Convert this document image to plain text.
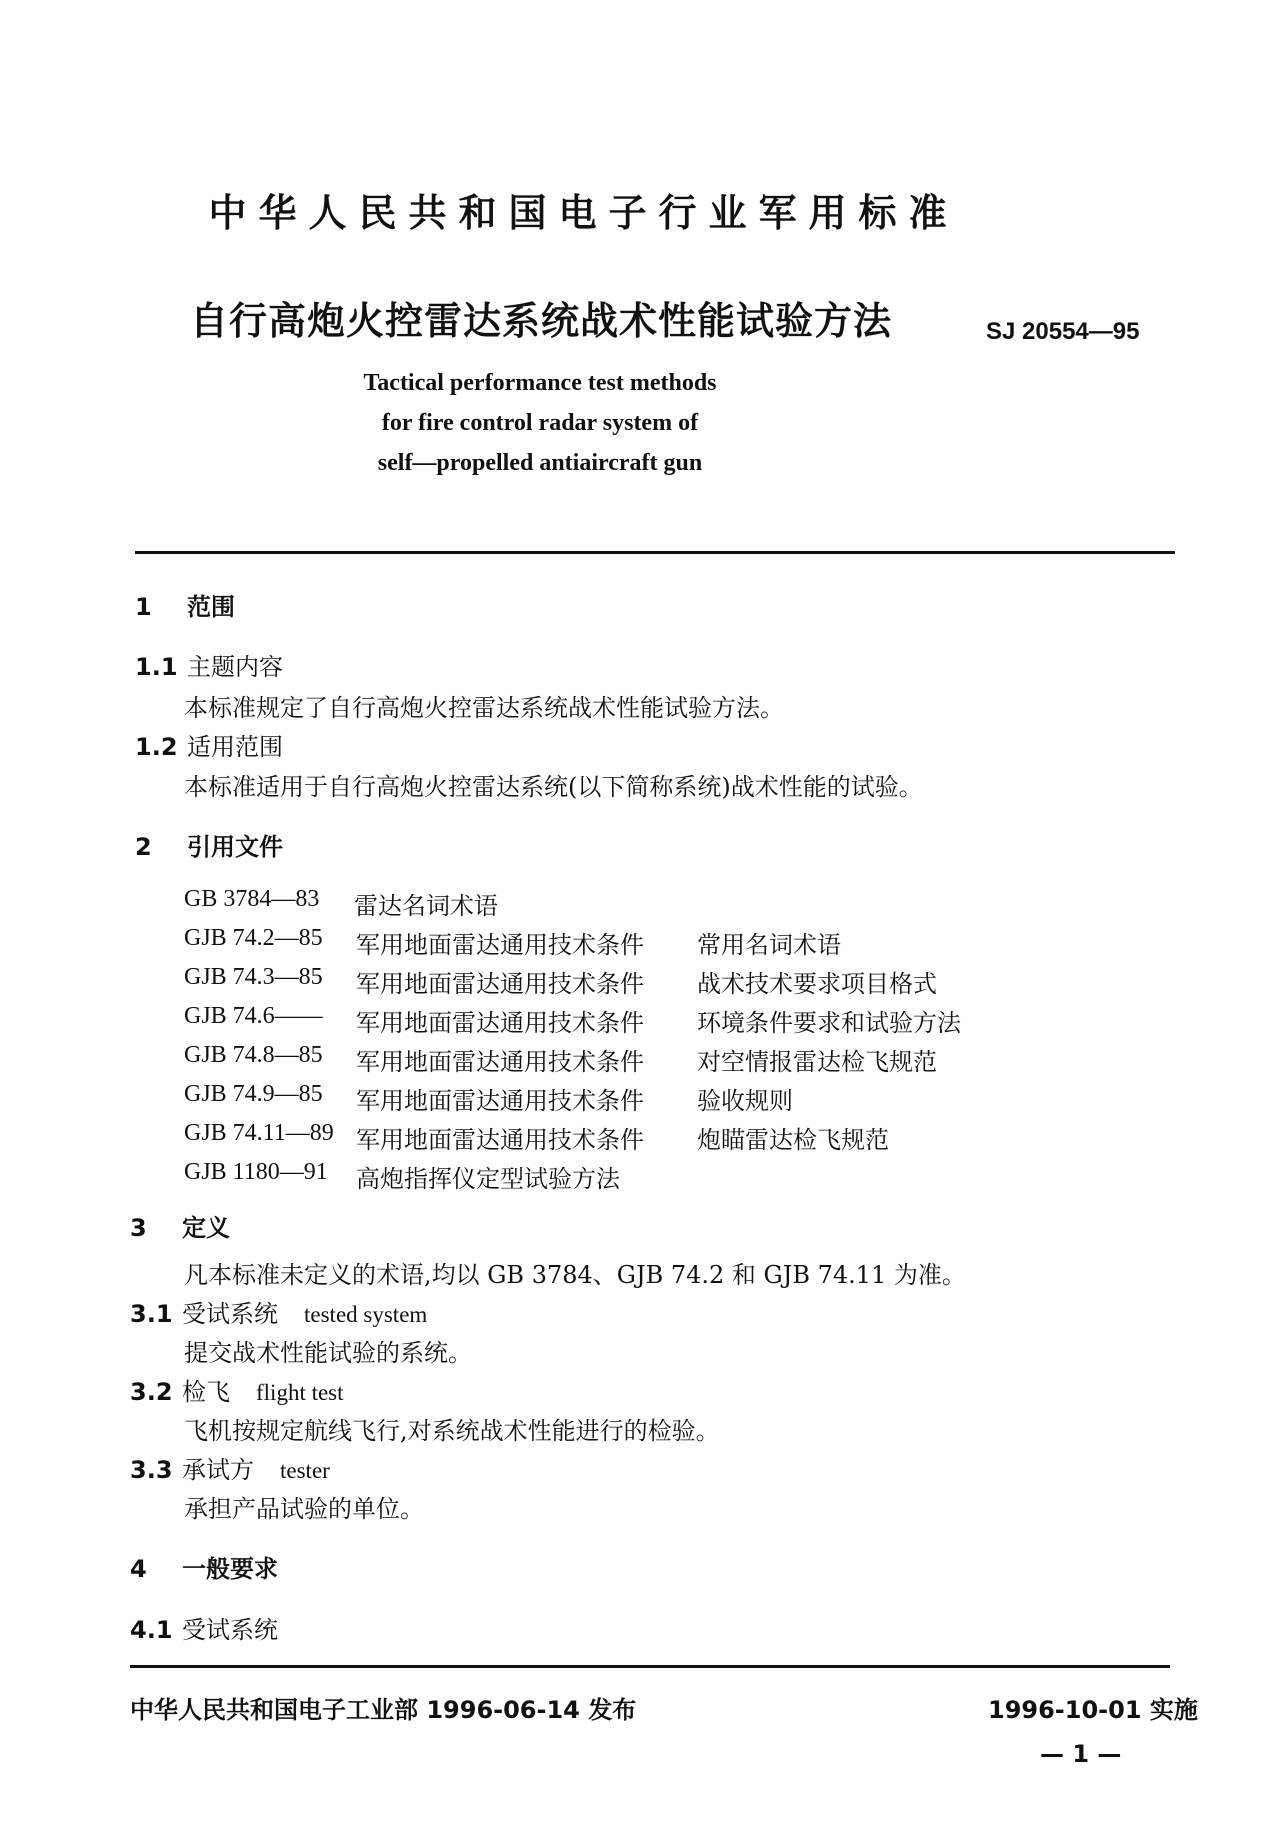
中华人民共和国电子行业军用标准
自行高炮火控雷达系统战术性能试验方法	SJ 20554—95
Tactical performance test methods
for fire control radar system of
self—propelled antiaircraft gun
1 范围
1.1 主题内容
本标准规定了自行高炮火控雷达系统战术性能试验方法。
1.2 适用范围
本标准适用于自行高炮火控雷达系统(以下简称系统)战术性能的试验。
2 引用文件
GB 3784—83 雷达名词术语
GJB 74.2—85 军用地面雷达通用技术条件 常用名词术语
GJB 74.3—85 军用地面雷达通用技术条件 战术技术要求项目格式
GJB 74.6—— 军用地面雷达通用技术条件 环境条件要求和试验方法
GJB 74.8—85 军用地面雷达通用技术条件 对空情报雷达检飞规范
GJB 74.9—85 军用地面雷达通用技术条件 验收规则
GJB 74.11—89 军用地面雷达通用技术条件 炮瞄雷达检飞规范
GJB 1180—91 高炮指挥仪定型试验方法
3 定义
凡本标准未定义的术语,均以 GB 3784、GJB 74.2 和 GJB 74.11 为准。
3.1 受试系统 tested system
提交战术性能试验的系统。
3.2 检飞 flight test
飞机按规定航线飞行,对系统战术性能进行的检验。
3.3 承试方 tester
承担产品试验的单位。
4 一般要求
4.1 受试系统
中华人民共和国电子工业部 1996-06-14 发布	1996-10-01 实施
— 1 —
